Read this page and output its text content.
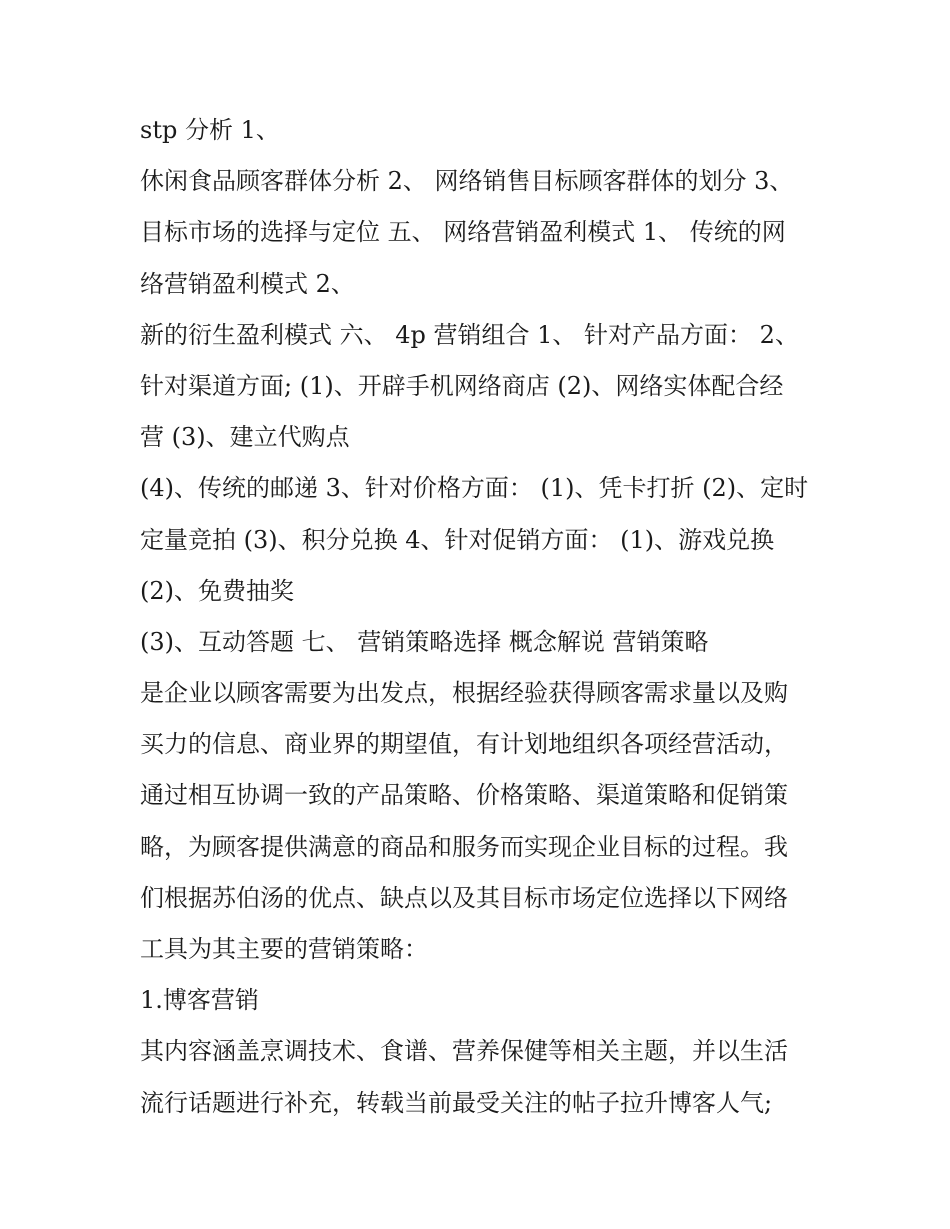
stp 分析 1、
休闲食品顾客群体分析 2、 网络销售目标顾客群体的划分 3、
目标市场的选择与定位 五、 网络营销盈利模式 1、 传统的网
络营销盈利模式 2、
新的衍生盈利模式 六、 4p 营销组合 1、 针对产品方面： 2、
针对渠道方面; (1)、开辟手机网络商店 (2)、网络实体配合经
营 (3)、建立代购点
(4)、传统的邮递 3、针对价格方面： (1)、凭卡打折 (2)、定时
定量竞拍 (3)、积分兑换 4、针对促销方面： (1)、游戏兑换
(2)、免费抽奖
(3)、互动答题 七、 营销策略选择 概念解说 营销策略
是企业以顾客需要为出发点，根据经验获得顾客需求量以及购
买力的信息、商业界的期望值，有计划地组织各项经营活动，
通过相互协调一致的产品策略、价格策略、渠道策略和促销策
略，为顾客提供满意的商品和服务而实现企业目标的过程。我
们根据苏伯汤的优点、缺点以及其目标市场定位选择以下网络
工具为其主要的营销策略：
1.博客营销
其内容涵盖烹调技术、食谱、营养保健等相关主题，并以生活
流行话题进行补充，转载当前最受关注的帖子拉升博客人气;
